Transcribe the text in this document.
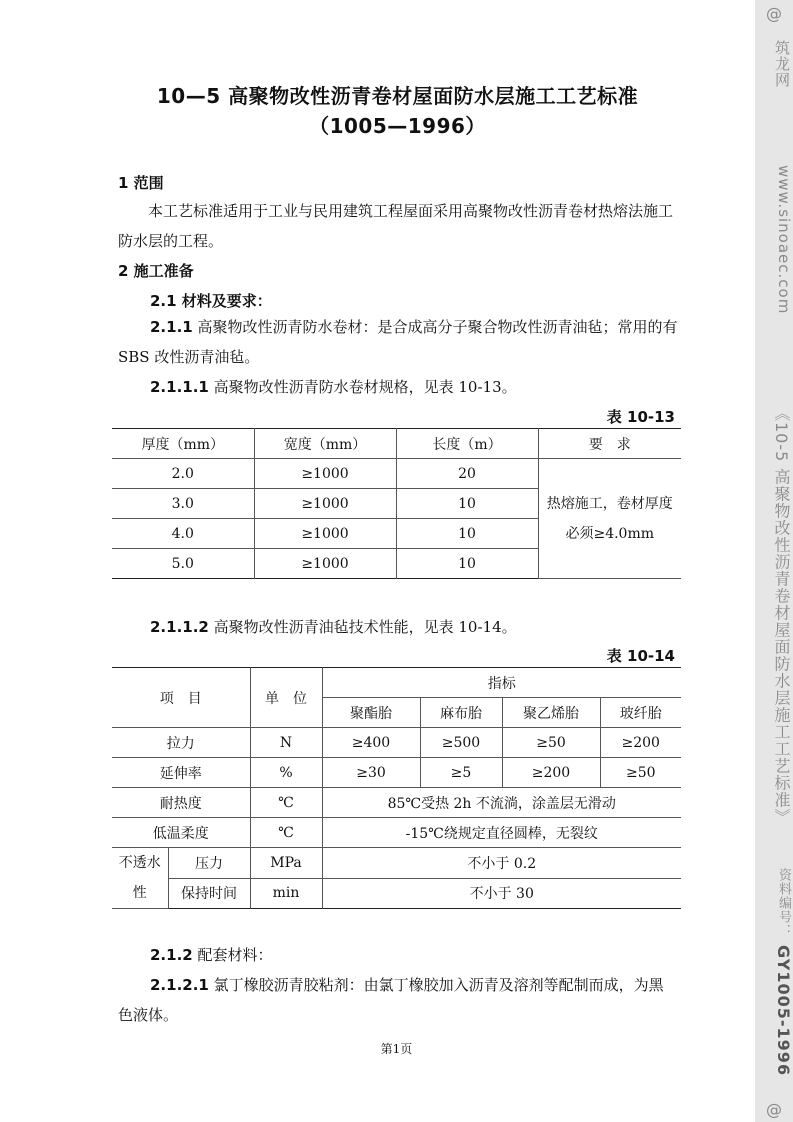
10—5 高聚物改性沥青卷材屋面防水层施工工艺标准
（1005—1996）
1 范围

本工艺标准适用于工业与民用建筑工程屋面采用高聚物改性沥青卷材热熔法施工防水层的工程。

2 施工准备
2.1 材料及要求：

2.1.1 高聚物改性沥青防水卷材：是合成高分子聚合物改性沥青油毡；常用的有 SBS 改性沥青油毡。

2.1.1.1 高聚物改性沥青防水卷材规格，见表 10-13。

表 10-13
厚度（mm）	宽度（mm）	长度（m）	要　求
2.0	≥1000	20	热熔施工，卷材厚度必须≥4.0mm
3.0	≥1000	10	
4.0	≥1000	10	
5.0	≥1000	10	

2.1.1.2 高聚物改性沥青油毡技术性能，见表 10-14。

表 10-14
项　目		单　位	指标			
			聚酯胎	麻布胎	聚乙烯胎	玻纤胎
拉力		N	≥400	≥500	≥50	≥200
延伸率		%	≥30	≥5	≥200	≥50
耐热度		℃	85℃受热 2h 不流淌，涂盖层无滑动			
低温柔度		℃	-15℃绕规定直径圆棒，无裂纹			
不透水性	压力	MPa	不小于 0.2			
	保持时间	min	不小于 30			

2.1.2 配套材料：

2.1.2.1 氯丁橡胶沥青胶粘剂：由氯丁橡胶加入沥青及溶剂等配制而成，为黑色液体。

第1页
@
筑龙网
www.sinoaec.com
《10-5 高聚物改性沥青卷材屋面防水层施工工艺标准》
资料编号：
GY1005-1996
@
